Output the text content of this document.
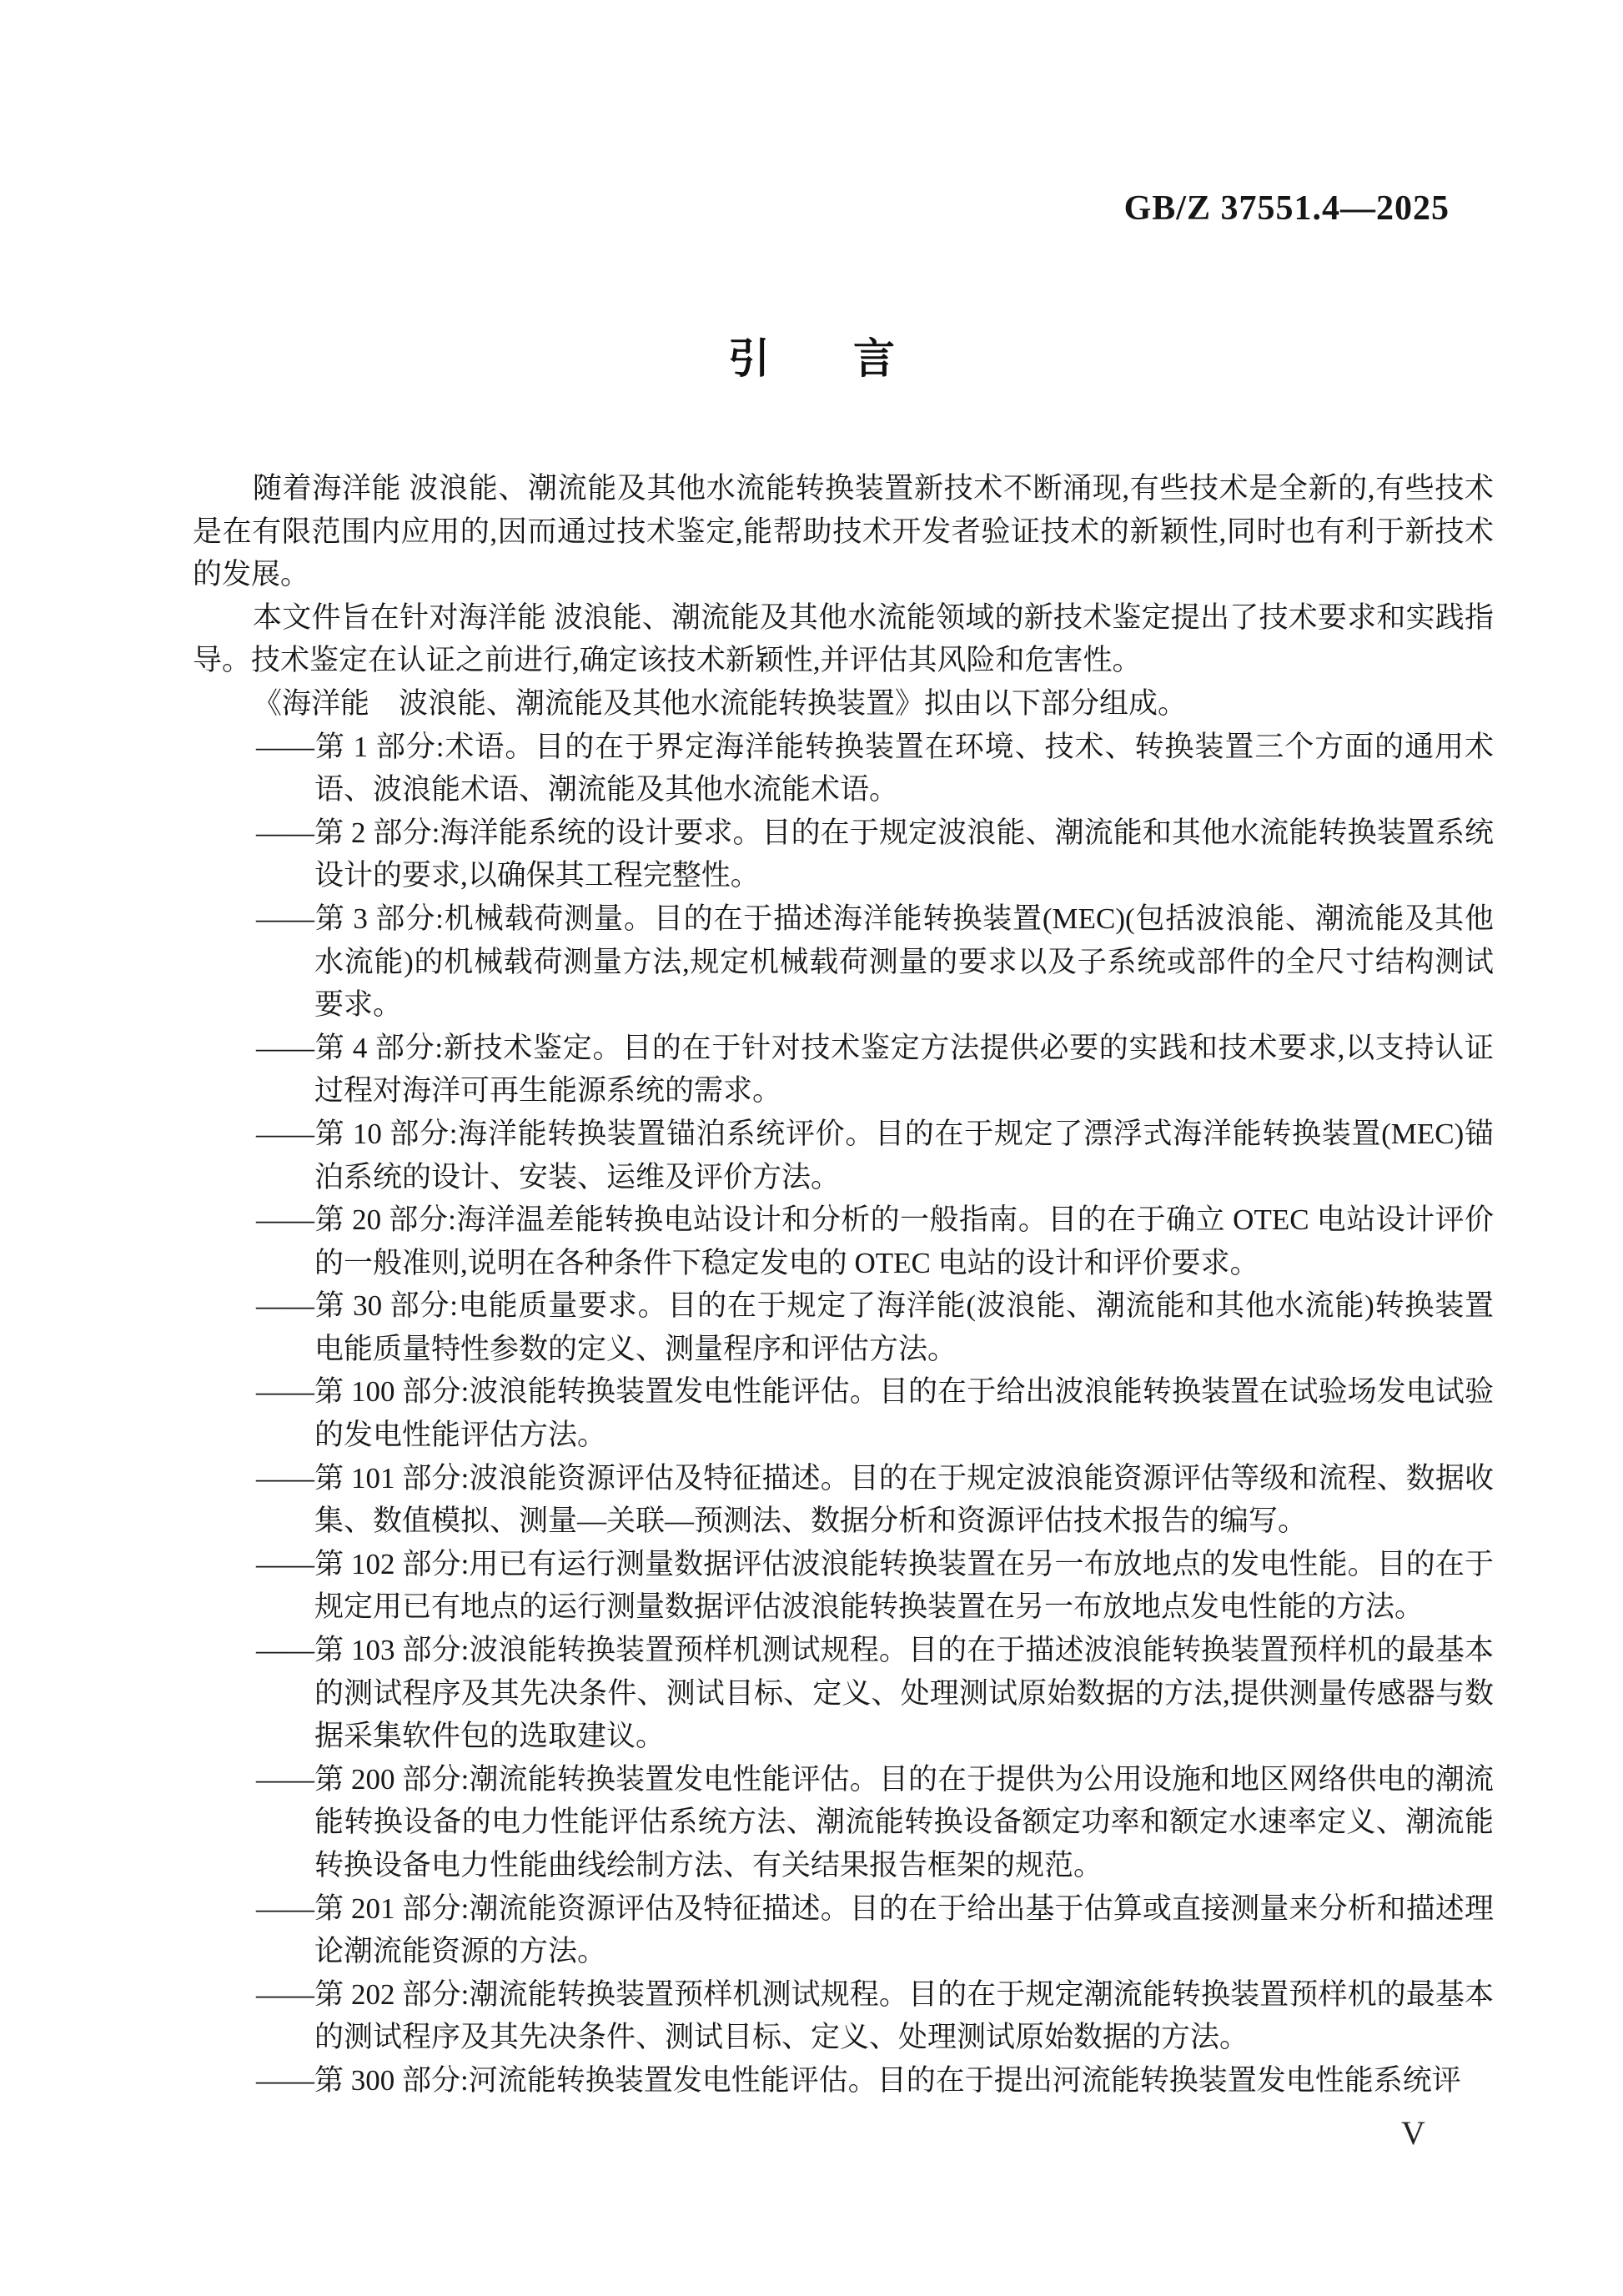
GB/Z 37551.4—2025
引　　言

随着海洋能 波浪能、潮流能及其他水流能转换装置新技术不断涌现,有些技术是全新的,有些技术是在有限范围内应用的,因而通过技术鉴定,能帮助技术开发者验证技术的新颖性,同时也有利于新技术的发展。

本文件旨在针对海洋能 波浪能、潮流能及其他水流能领域的新技术鉴定提出了技术要求和实践指导。技术鉴定在认证之前进行,确定该技术新颖性,并评估其风险和危害性。

《海洋能　波浪能、潮流能及其他水流能转换装置》拟由以下部分组成。

——第 1 部分:术语。目的在于界定海洋能转换装置在环境、技术、转换装置三个方面的通用术语、波浪能术语、潮流能及其他水流能术语。

——第 2 部分:海洋能系统的设计要求。目的在于规定波浪能、潮流能和其他水流能转换装置系统设计的要求,以确保其工程完整性。

——第 3 部分:机械载荷测量。目的在于描述海洋能转换装置(MEC)(包括波浪能、潮流能及其他水流能)的机械载荷测量方法,规定机械载荷测量的要求以及子系统或部件的全尺寸结构测试要求。

——第 4 部分:新技术鉴定。目的在于针对技术鉴定方法提供必要的实践和技术要求,以支持认证过程对海洋可再生能源系统的需求。

——第 10 部分:海洋能转换装置锚泊系统评价。目的在于规定了漂浮式海洋能转换装置(MEC)锚泊系统的设计、安装、运维及评价方法。

——第 20 部分:海洋温差能转换电站设计和分析的一般指南。目的在于确立 OTEC 电站设计评价的一般准则,说明在各种条件下稳定发电的 OTEC 电站的设计和评价要求。

——第 30 部分:电能质量要求。目的在于规定了海洋能(波浪能、潮流能和其他水流能)转换装置电能质量特性参数的定义、测量程序和评估方法。

——第 100 部分:波浪能转换装置发电性能评估。目的在于给出波浪能转换装置在试验场发电试验的发电性能评估方法。

——第 101 部分:波浪能资源评估及特征描述。目的在于规定波浪能资源评估等级和流程、数据收集、数值模拟、测量—关联—预测法、数据分析和资源评估技术报告的编写。

——第 102 部分:用已有运行测量数据评估波浪能转换装置在另一布放地点的发电性能。目的在于规定用已有地点的运行测量数据评估波浪能转换装置在另一布放地点发电性能的方法。

——第 103 部分:波浪能转换装置预样机测试规程。目的在于描述波浪能转换装置预样机的最基本的测试程序及其先决条件、测试目标、定义、处理测试原始数据的方法,提供测量传感器与数据采集软件包的选取建议。

——第 200 部分:潮流能转换装置发电性能评估。目的在于提供为公用设施和地区网络供电的潮流能转换设备的电力性能评估系统方法、潮流能转换设备额定功率和额定水速率定义、潮流能转换设备电力性能曲线绘制方法、有关结果报告框架的规范。

——第 201 部分:潮流能资源评估及特征描述。目的在于给出基于估算或直接测量来分析和描述理论潮流能资源的方法。

——第 202 部分:潮流能转换装置预样机测试规程。目的在于规定潮流能转换装置预样机的最基本的测试程序及其先决条件、测试目标、定义、处理测试原始数据的方法。

——第 300 部分:河流能转换装置发电性能评估。目的在于提出河流能转换装置发电性能系统评

V
